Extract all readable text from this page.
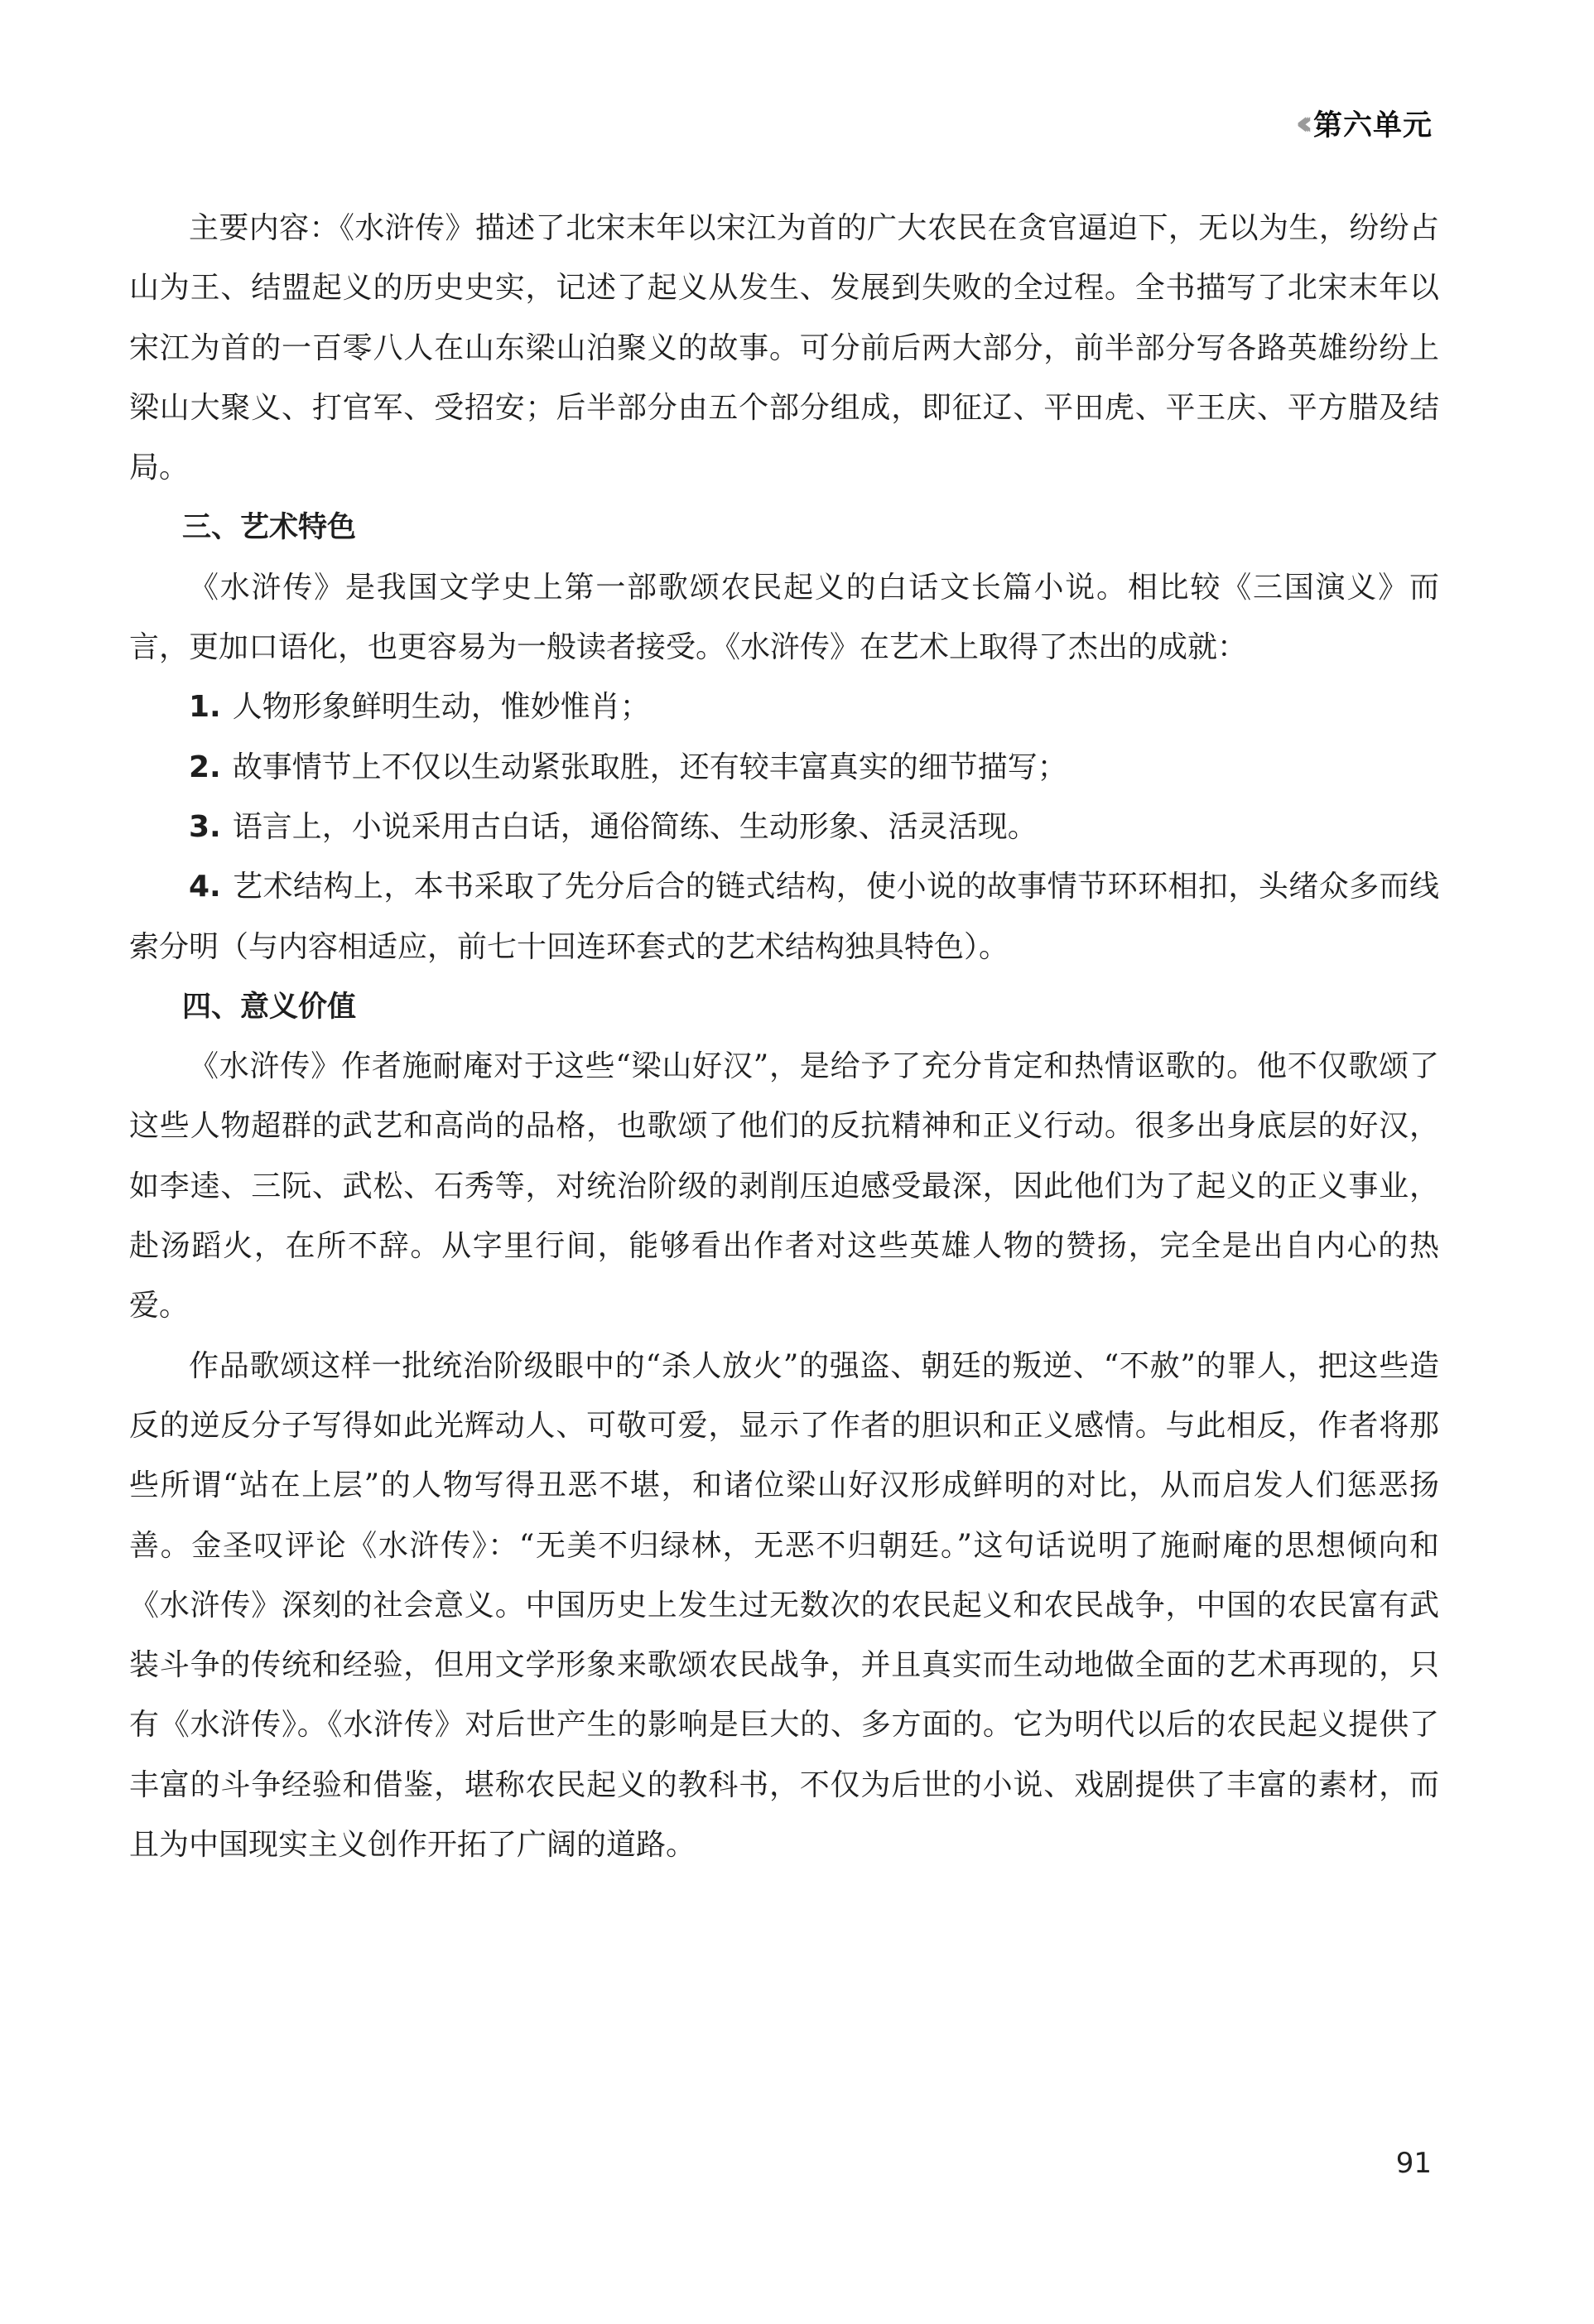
‹ ‹ ‹ 第六单元

主要内容：《水浒传》描述了北宋末年以宋江为首的广大农民在贪官逼迫下，无以为生，纷纷占山为王、结盟起义的历史史实，记述了起义从发生、发展到失败的全过程。全书描写了北宋末年以宋江为首的一百零八人在山东梁山泊聚义的故事。可分前后两大部分，前半部分写各路英雄纷纷上梁山大聚义、打官军、受招安；后半部分由五个部分组成，即征辽、平田虎、平王庆、平方腊及结局。

三、艺术特色

《水浒传》是我国文学史上第一部歌颂农民起义的白话文长篇小说。相比较《三国演义》而言，更加口语化，也更容易为一般读者接受。《水浒传》在艺术上取得了杰出的成就：

1. 人物形象鲜明生动，惟妙惟肖；

2. 故事情节上不仅以生动紧张取胜，还有较丰富真实的细节描写；

3. 语言上，小说采用古白话，通俗简练、生动形象、活灵活现。

4. 艺术结构上，本书采取了先分后合的链式结构，使小说的故事情节环环相扣，头绪众多而线索分明（与内容相适应，前七十回连环套式的艺术结构独具特色）。

四、意义价值

《水浒传》作者施耐庵对于这些“梁山好汉”，是给予了充分肯定和热情讴歌的。他不仅歌颂了这些人物超群的武艺和高尚的品格，也歌颂了他们的反抗精神和正义行动。很多出身底层的好汉，如李逵、三阮、武松、石秀等，对统治阶级的剥削压迫感受最深，因此他们为了起义的正义事业，赴汤蹈火，在所不辞。从字里行间，能够看出作者对这些英雄人物的赞扬，完全是出自内心的热爱。

作品歌颂这样一批统治阶级眼中的“杀人放火”的强盗、朝廷的叛逆、“不赦”的罪人，把这些造反的逆反分子写得如此光辉动人、可敬可爱，显示了作者的胆识和正义感情。与此相反，作者将那些所谓“站在上层”的人物写得丑恶不堪，和诸位梁山好汉形成鲜明的对比，从而启发人们惩恶扬善。金圣叹评论《水浒传》：“无美不归绿林，无恶不归朝廷。”这句话说明了施耐庵的思想倾向和《水浒传》深刻的社会意义。中国历史上发生过无数次的农民起义和农民战争，中国的农民富有武装斗争的传统和经验，但用文学形象来歌颂农民战争，并且真实而生动地做全面的艺术再现的，只有《水浒传》。《水浒传》对后世产生的影响是巨大的、多方面的。它为明代以后的农民起义提供了丰富的斗争经验和借鉴，堪称农民起义的教科书，不仅为后世的小说、戏剧提供了丰富的素材，而且为中国现实主义创作开拓了广阔的道路。

91
